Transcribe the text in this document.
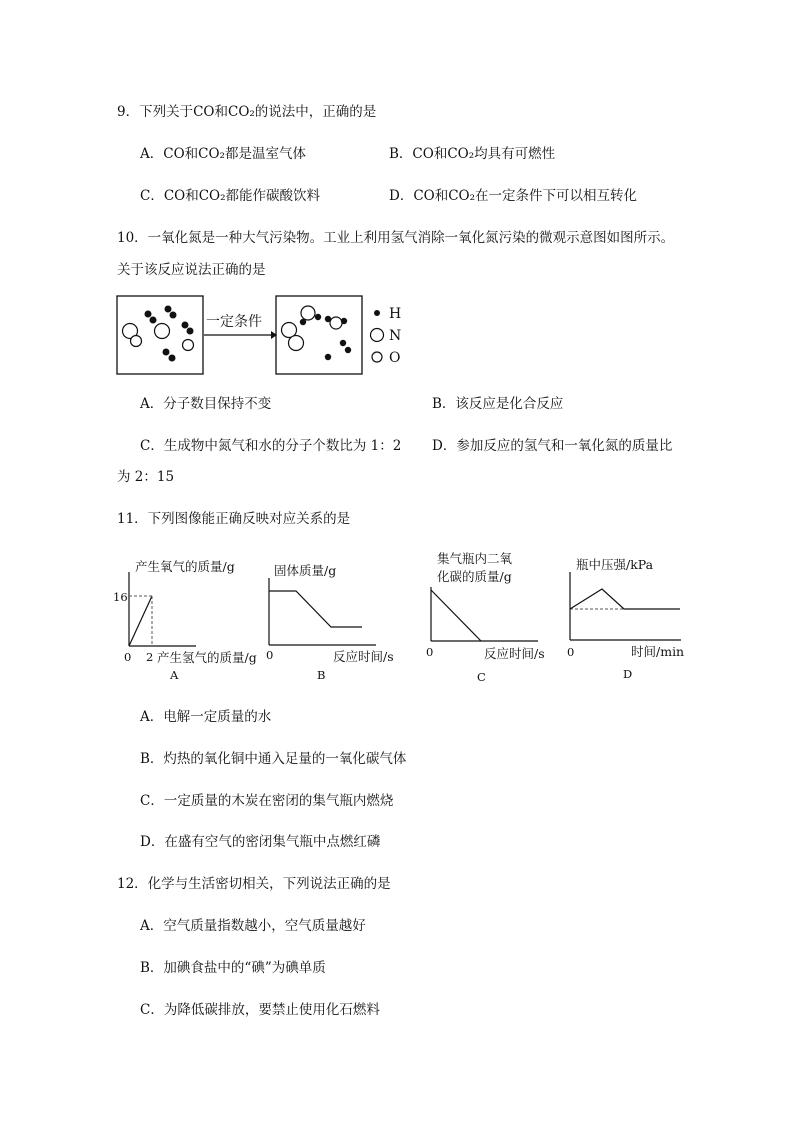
9．下列关于CO和CO₂的说法中，正确的是
A．CO和CO₂都是温室气体	B．CO和CO₂均具有可燃性
C．CO和CO₂都能作碳酸饮料	D．CO和CO₂在一定条件下可以相互转化
10．一氧化氮是一种大气污染物。工业上利用氢气消除一氧化氮污染的微观示意图如图所示。
关于该反应说法正确的是
一定条件	H
N
O
A．分子数目保持不变	B．该反应是化合反应
C．生成物中氮气和水的分子个数比为 1：2 D．参加反应的氢气和一氧化氮的质量比
为 2：15
11．下列图像能正确反映对应关系的是
产生氧气的质量/g
16
0 2 产生氢气的质量/g
A
固体质量/g
0	反应时间/s
B
集气瓶内二氧
化碳的质量/g
0	反应时间/s
C
瓶中压强/kPa
0	时间/min
D
A．电解一定质量的水
B．灼热的氧化铜中通入足量的一氧化碳气体
C．一定质量的木炭在密闭的集气瓶内燃烧
D．在盛有空气的密闭集气瓶中点燃红磷
12．化学与生活密切相关，下列说法正确的是
A．空气质量指数越小，空气质量越好
B．加碘食盐中的“碘”为碘单质
C．为降低碳排放，要禁止使用化石燃料
